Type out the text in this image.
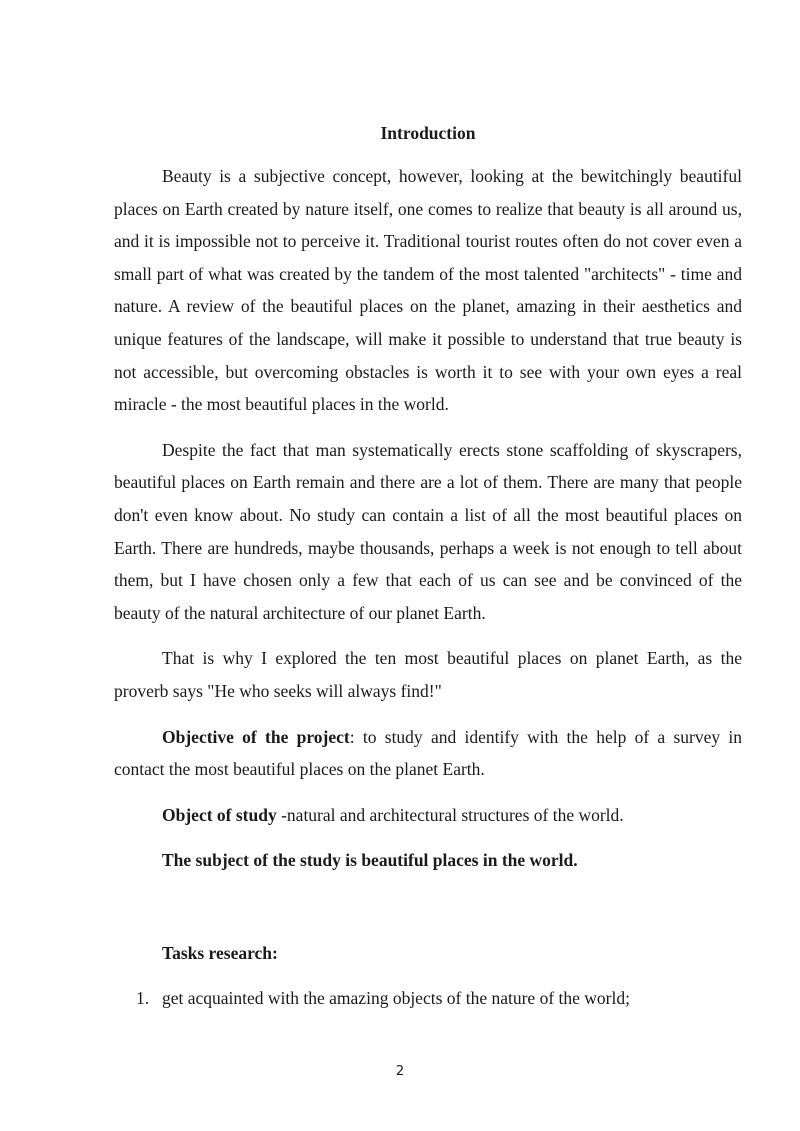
Introduction

Beauty is a subjective concept, however, looking at the bewitchingly beautiful places on Earth created by nature itself, one comes to realize that beauty is all around us, and it is impossible not to perceive it. Traditional tourist routes often do not cover even a small part of what was created by the tandem of the most talented "architects" - time and nature. A review of the beautiful places on the planet, amazing in their aesthetics and unique features of the landscape, will make it possible to understand that true beauty is not accessible, but overcoming obstacles is worth it to see with your own eyes a real miracle - the most beautiful places in the world.

Despite the fact that man systematically erects stone scaffolding of skyscrapers, beautiful places on Earth remain and there are a lot of them. There are many that people don't even know about. No study can contain a list of all the most beautiful places on Earth. There are hundreds, maybe thousands, perhaps a week is not enough to tell about them, but I have chosen only a few that each of us can see and be convinced of the beauty of the natural architecture of our planet Earth.

That is why I explored the ten most beautiful places on planet Earth, as the proverb says "He who seeks will always find!"

Objective of the project: to study and identify with the help of a survey in contact the most beautiful places on the planet Earth.

Object of study -natural and architectural structures of the world.

The subject of the study is beautiful places in the world.

Tasks research:

1. get acquainted with the amazing objects of the nature of the world;
2
